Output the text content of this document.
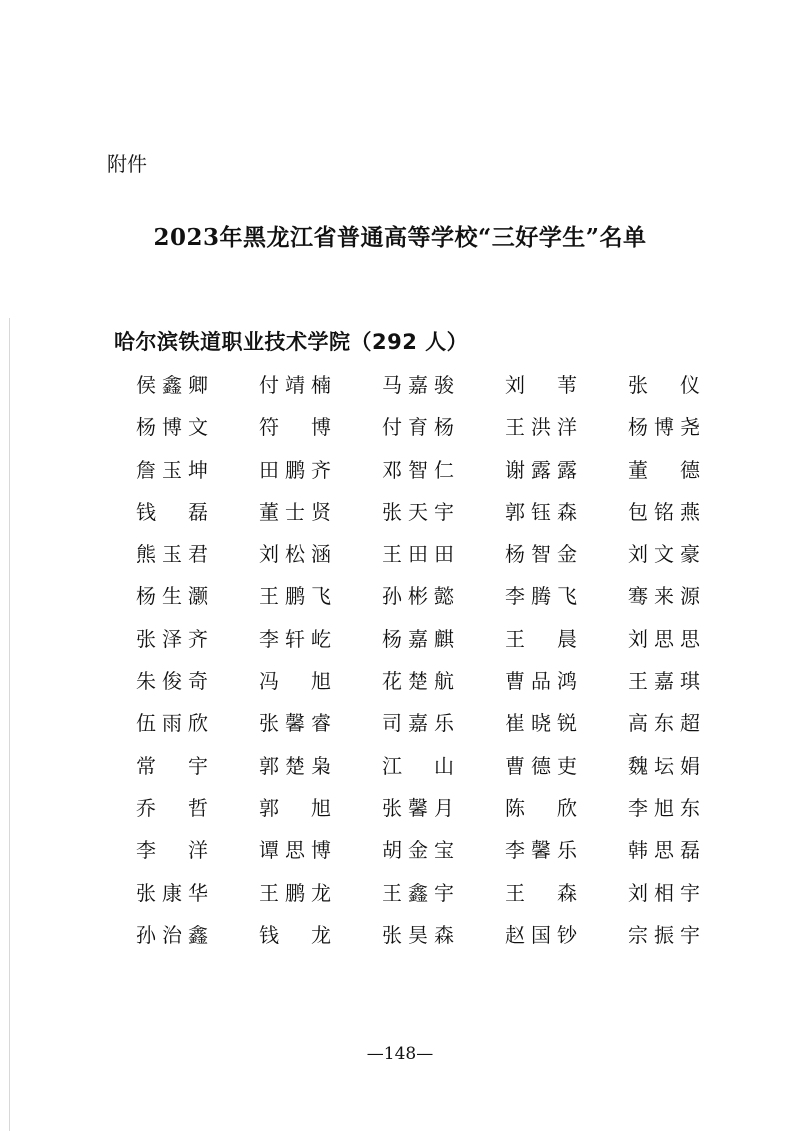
附件

2023年黑龙江省普通高等学校“三好学生”名单
哈尔滨铁道职业技术学院（292 人）
侯 鑫 卿	付 靖 楠	马 嘉 骏	刘 苇	张 仪
杨 博 文	符 博	付 育 杨	王 洪 洋	杨 博 尧
詹 玉 坤	田 鹏 齐	邓 智 仁	谢 露 露	董 德
钱 磊	董 士 贤	张 天 宇	郭 钰 森	包 铭 燕
熊 玉 君	刘 松 涵	王 田 田	杨 智 金	刘 文 豪
杨 生 灏	王 鹏 飞	孙 彬 懿	李 腾 飞	骞 来 源
张 泽 齐	李 轩 屹	杨 嘉 麒	王 晨	刘 思 思
朱 俊 奇	冯 旭	花 楚 航	曹 品 鸿	王 嘉 琪
伍 雨 欣	张 馨 睿	司 嘉 乐	崔 晓 锐	高 东 超
常 宇	郭 楚 枭	江 山	曹 德 吏	魏 坛 娟
乔 哲	郭 旭	张 馨 月	陈 欣	李 旭 东
李 洋	谭 思 博	胡 金 宝	李 馨 乐	韩 思 磊
张 康 华	王 鹏 龙	王 鑫 宇	王 森	刘 相 宇
孙 治 鑫	钱 龙	张 昊 森	赵 国 钞	宗 振 宇

—148—
